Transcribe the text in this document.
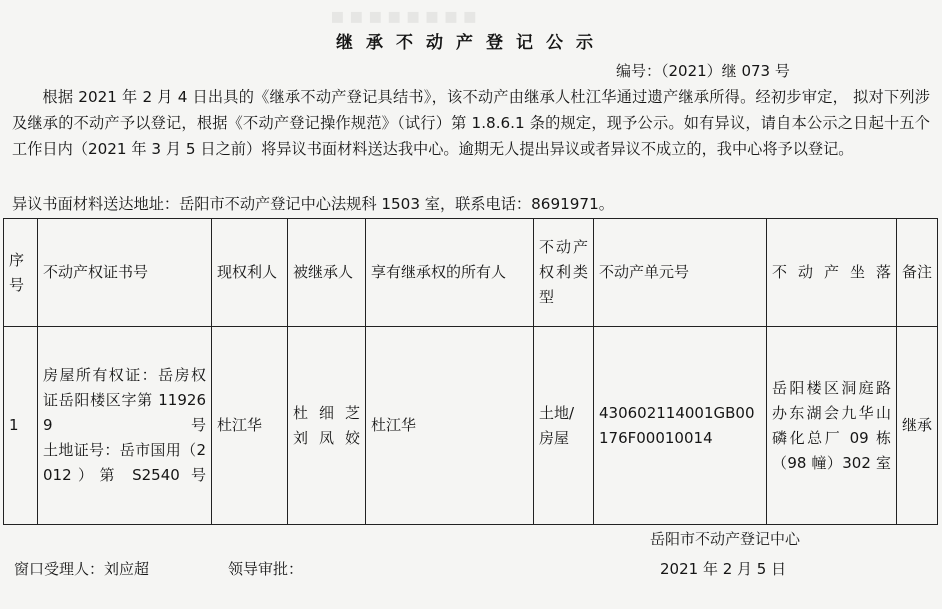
▪▪▪▪▪▪▪▪
继承不动产登记公示
编号：（2021）继 073 号

根据 2021 年 2 月 4 日出具的《继承不动产登记具结书》，该不动产由继承人杜江华通过遗产继承所得。经初步审定， 拟对下列涉及继承的不动产予以登记，根据《不动产登记操作规范》（试行）第 1.8.6.1 条的规定，现予公示。如有异议，请自本公示之日起十五个工作日内（2021 年 3 月 5 日之前）将异议书面材料送达我中心。逾期无人提出异议或者异议不成立的，我中心将予以登记。

异议书面材料送达地址：岳阳市不动产登记中心法规科 1503 室，联系电话：8691971。

序号	不动产权证书号	现权利人	被继承人	享有继承权的所有人	不动产权利类型	不动产单元号	不动产坐落	备注
1	房屋所有权证：岳房权证岳阳楼区字第 119269 号
土地证号：岳市国用（2012）第 S2540 号	杜江华	杜细芝
刘凤姣	杜江华	土地/房屋	430602114001GB00176F00010014	岳阳楼区洞庭路办东湖会九华山磷化总厂 09 栋（98 幢）302 室	继承
岳阳市不动产登记中心
窗口受理人：刘应超	领导审批：	2021 年 2 月 5 日
